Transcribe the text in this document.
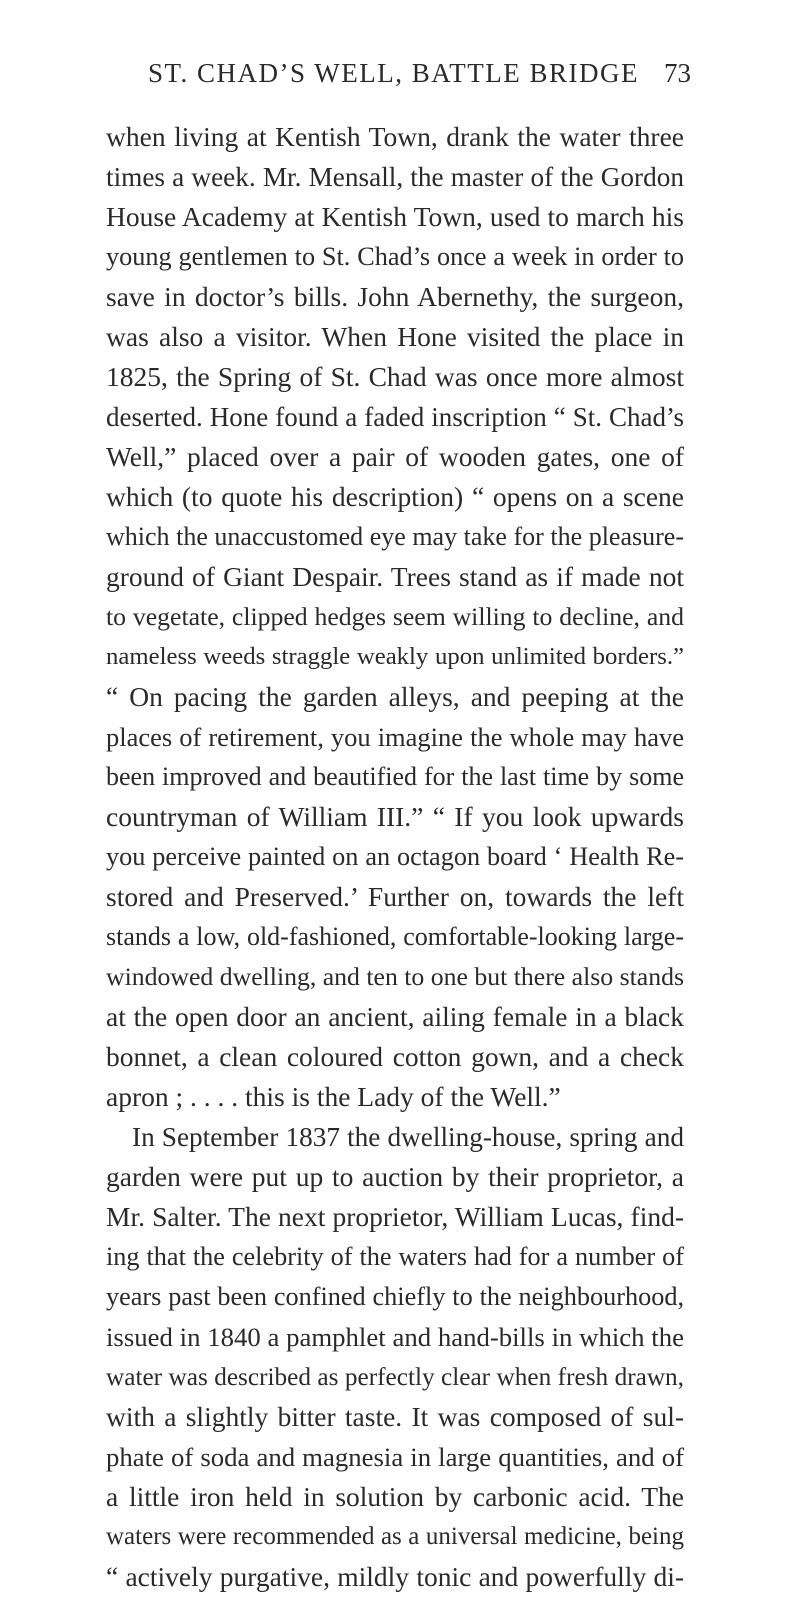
ST. CHAD’S WELL, BATTLE BRIDGE 73
when living at Kentish Town, drank the water three
times a week. Mr. Mensall, the master of the Gordon
House Academy at Kentish Town, used to march his
young gentlemen to St. Chad’s once a week in order to
save in doctor’s bills. John Abernethy, the surgeon,
was also a visitor. When Hone visited the place in
1825, the Spring of St. Chad was once more almost
deserted. Hone found a faded inscription “ St. Chad’s
Well,” placed over a pair of wooden gates, one of
which (to quote his description) “ opens on a scene
which the unaccustomed eye may take for the pleasure-
ground of Giant Despair. Trees stand as if made not
to vegetate, clipped hedges seem willing to decline, and
nameless weeds straggle weakly upon unlimited borders.”
“ On pacing the garden alleys, and peeping at the
places of retirement, you imagine the whole may have
been improved and beautified for the last time by some
countryman of William III.” “ If you look upwards
you perceive painted on an octagon board ‘ Health Re-
stored and Preserved.’ Further on, towards the left
stands a low, old-fashioned, comfortable-looking large-
windowed dwelling, and ten to one but there also stands
at the open door an ancient, ailing female in a black
bonnet, a clean coloured cotton gown, and a check
apron ; . . . . this is the Lady of the Well.”
In September 1837 the dwelling-house, spring and
garden were put up to auction by their proprietor, a
Mr. Salter. The next proprietor, William Lucas, find-
ing that the celebrity of the waters had for a number of
years past been confined chiefly to the neighbourhood,
issued in 1840 a pamphlet and hand-bills in which the
water was described as perfectly clear when fresh drawn,
with a slightly bitter taste. It was composed of sul-
phate of soda and magnesia in large quantities, and of
a little iron held in solution by carbonic acid. The
waters were recommended as a universal medicine, being
“ actively purgative, mildly tonic and powerfully di-
